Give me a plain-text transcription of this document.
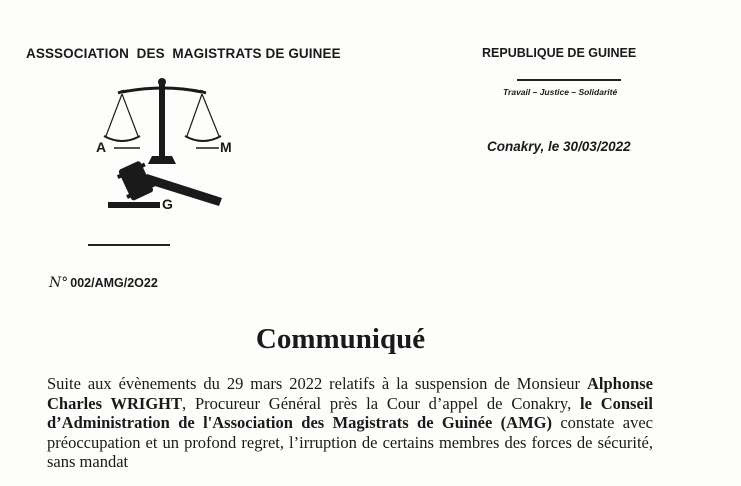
ASSSOCIATION  DES  MAGISTRATS DE GUINEE	REPUBLIQUE DE GUINEE
Travail – Justice – Solidarité
Conakry, le 30/03/2022
A	M
G
N° 002/AMG/2O22
Communiqué

Suite aux évènements du 29 mars 2022 relatifs à la suspension de Monsieur Alphonse Charles WRIGHT, Procureur Général près la Cour d’appel de Conakry, le Conseil d’Administration de l'Association des Magistrats de Guinée (AMG) constate avec préoccupation et un profond regret, l’irruption de certains membres des forces de sécurité, sans mandat
